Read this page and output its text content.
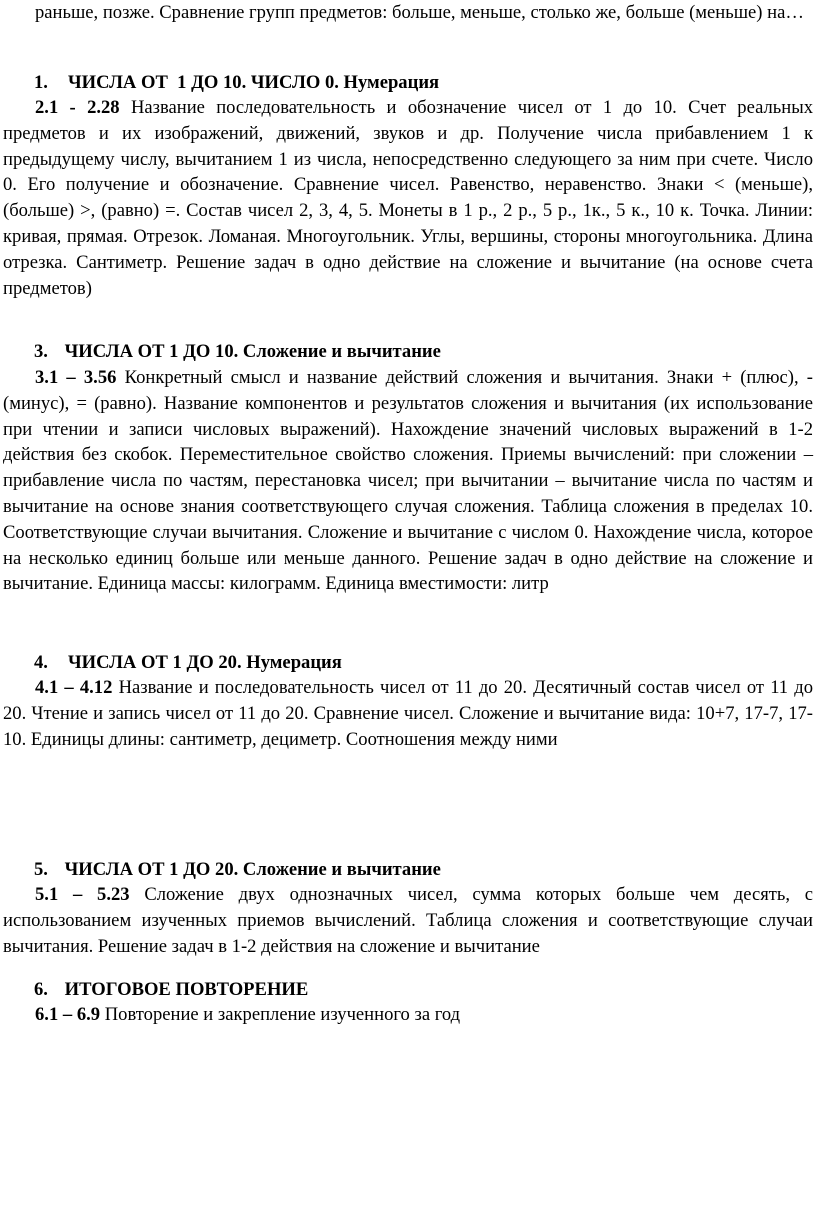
раньше, позже. Сравнение групп предметов: больше, меньше, столько же, больше (меньше) на…

1. ЧИСЛА ОТ  1 ДО 10. ЧИСЛО 0. Нумерация

2.1 - 2.28 Название последовательность и обозначение чисел от 1 до 10. Счет реальных предметов и их изображений, движений, звуков и др. Получение числа прибавлением 1 к предыдущему числу, вычитанием 1 из числа, непосредственно следующего за ним при счете. Число 0. Его получение и обозначение. Сравнение чисел. Равенство, неравенство. Знаки < (меньше), (больше) >, (равно) =. Состав чисел 2, 3, 4, 5. Монеты в 1 р., 2 р., 5 р., 1к., 5 к., 10 к. Точка. Линии: кривая, прямая. Отрезок. Ломаная. Многоугольник. Углы, вершины, стороны многоугольника. Длина отрезка. Сантиметр. Решение задач в одно действие на сложение и вычитание (на основе счета предметов)

3. ЧИСЛА ОТ 1 ДО 10. Сложение и вычитание

3.1 – 3.56 Конкретный смысл и название действий сложения и вычитания. Знаки + (плюс), - (минус), = (равно). Название компонентов и результатов сложения и вычитания (их использование при чтении и записи числовых выражений). Нахождение значений числовых выражений в 1-2 действия без скобок. Переместительное свойство сложения. Приемы вычислений: при сложении – прибавление числа по частям, перестановка чисел; при вычитании – вычитание числа по частям и вычитание на основе знания соответствующего случая сложения. Таблица сложения в пределах 10. Соответствующие случаи вычитания. Сложение и вычитание с числом 0. Нахождение числа, которое на несколько единиц больше или меньше данного. Решение задач в одно действие на сложение и вычитание. Единица массы: килограмм. Единица вместимости: литр

4. ЧИСЛА ОТ 1 ДО 20. Нумерация

4.1 – 4.12 Название и последовательность чисел от 11 до 20. Десятичный состав чисел от 11 до 20. Чтение и запись чисел от 11 до 20. Сравнение чисел. Сложение и вычитание вида: 10+7, 17-7, 17-10. Единицы длины: сантиметр, дециметр. Соотношения между ними

5. ЧИСЛА ОТ 1 ДО 20. Сложение и вычитание

5.1 – 5.23 Сложение двух однозначных чисел, сумма которых больше чем десять, с использованием изученных приемов вычислений. Таблица сложения и соответствующие случаи вычитания. Решение задач в 1-2 действия на сложение и вычитание

6. ИТОГОВОЕ ПОВТОРЕНИЕ

6.1 – 6.9 Повторение и закрепление изученного за год
